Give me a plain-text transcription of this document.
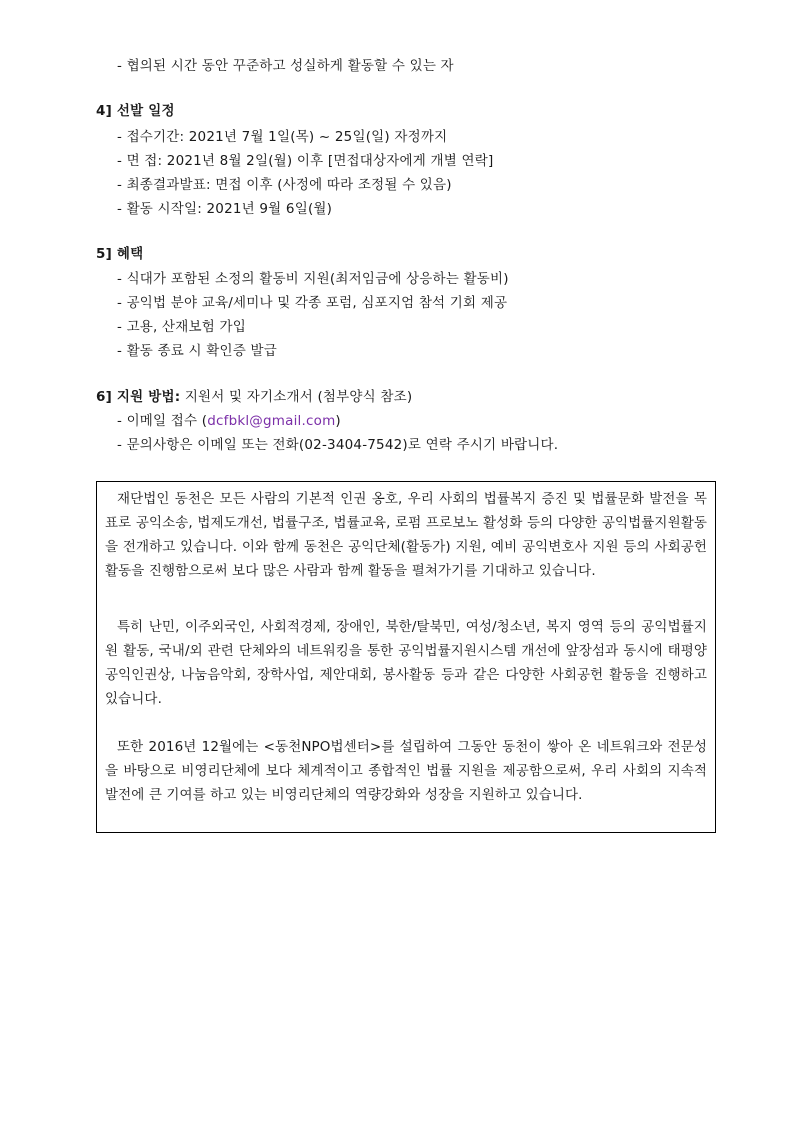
- 협의된 시간 동안 꾸준하고 성실하게 활동할 수 있는 자
4] 선발 일정
- 접수기간: 2021년 7월 1일(목) ~ 25일(일) 자정까지
- 면 접: 2021년 8월 2일(월) 이후 [면접대상자에게 개별 연락]
- 최종결과발표: 면접 이후 (사정에 따라 조정될 수 있음)
- 활동 시작일: 2021년 9월 6일(월)
5] 혜택
- 식대가 포함된 소정의 활동비 지원(최저임금에 상응하는 활동비)
- 공익법 분야 교육/세미나 및 각종 포럼, 심포지엄 참석 기회 제공
- 고용, 산재보험 가입
- 활동 종료 시 확인증 발급
6] 지원 방법: 지원서 및 자기소개서 (첨부양식 참조)
- 이메일 접수 (dcfbkl@gmail.com)
- 문의사항은 이메일 또는 전화(02-3404-7542)로 연락 주시기 바랍니다.
재단법인 동천은 모든 사람의 기본적 인권 옹호, 우리 사회의 법률복지 증진 및 법률문화 발전을 목표로 공익소송, 법제도개선, 법률구조, 법률교육, 로펌 프로보노 활성화 등의 다양한 공익법률지원활동을 전개하고 있습니다. 이와 함께 동천은 공익단체(활동가) 지원, 예비 공익변호사 지원 등의 사회공헌활동을 진행함으로써 보다 많은 사람과 함께 활동을 펼쳐가기를 기대하고 있습니다.
특히 난민, 이주외국인, 사회적경제, 장애인, 북한/탈북민, 여성/청소년, 복지 영역 등의 공익법률지원 활동, 국내/외 관련 단체와의 네트워킹을 통한 공익법률지원시스템 개선에 앞장섬과 동시에 태평양공익인권상, 나눔음악회, 장학사업, 제안대회, 봉사활동 등과 같은 다양한 사회공헌 활동을 진행하고 있습니다.
또한 2016년 12월에는 <동천NPO법센터>를 설립하여 그동안 동천이 쌓아 온 네트워크와 전문성을 바탕으로 비영리단체에 보다 체계적이고 종합적인 법률 지원을 제공함으로써, 우리 사회의 지속적 발전에 큰 기여를 하고 있는 비영리단체의 역량강화와 성장을 지원하고 있습니다.
